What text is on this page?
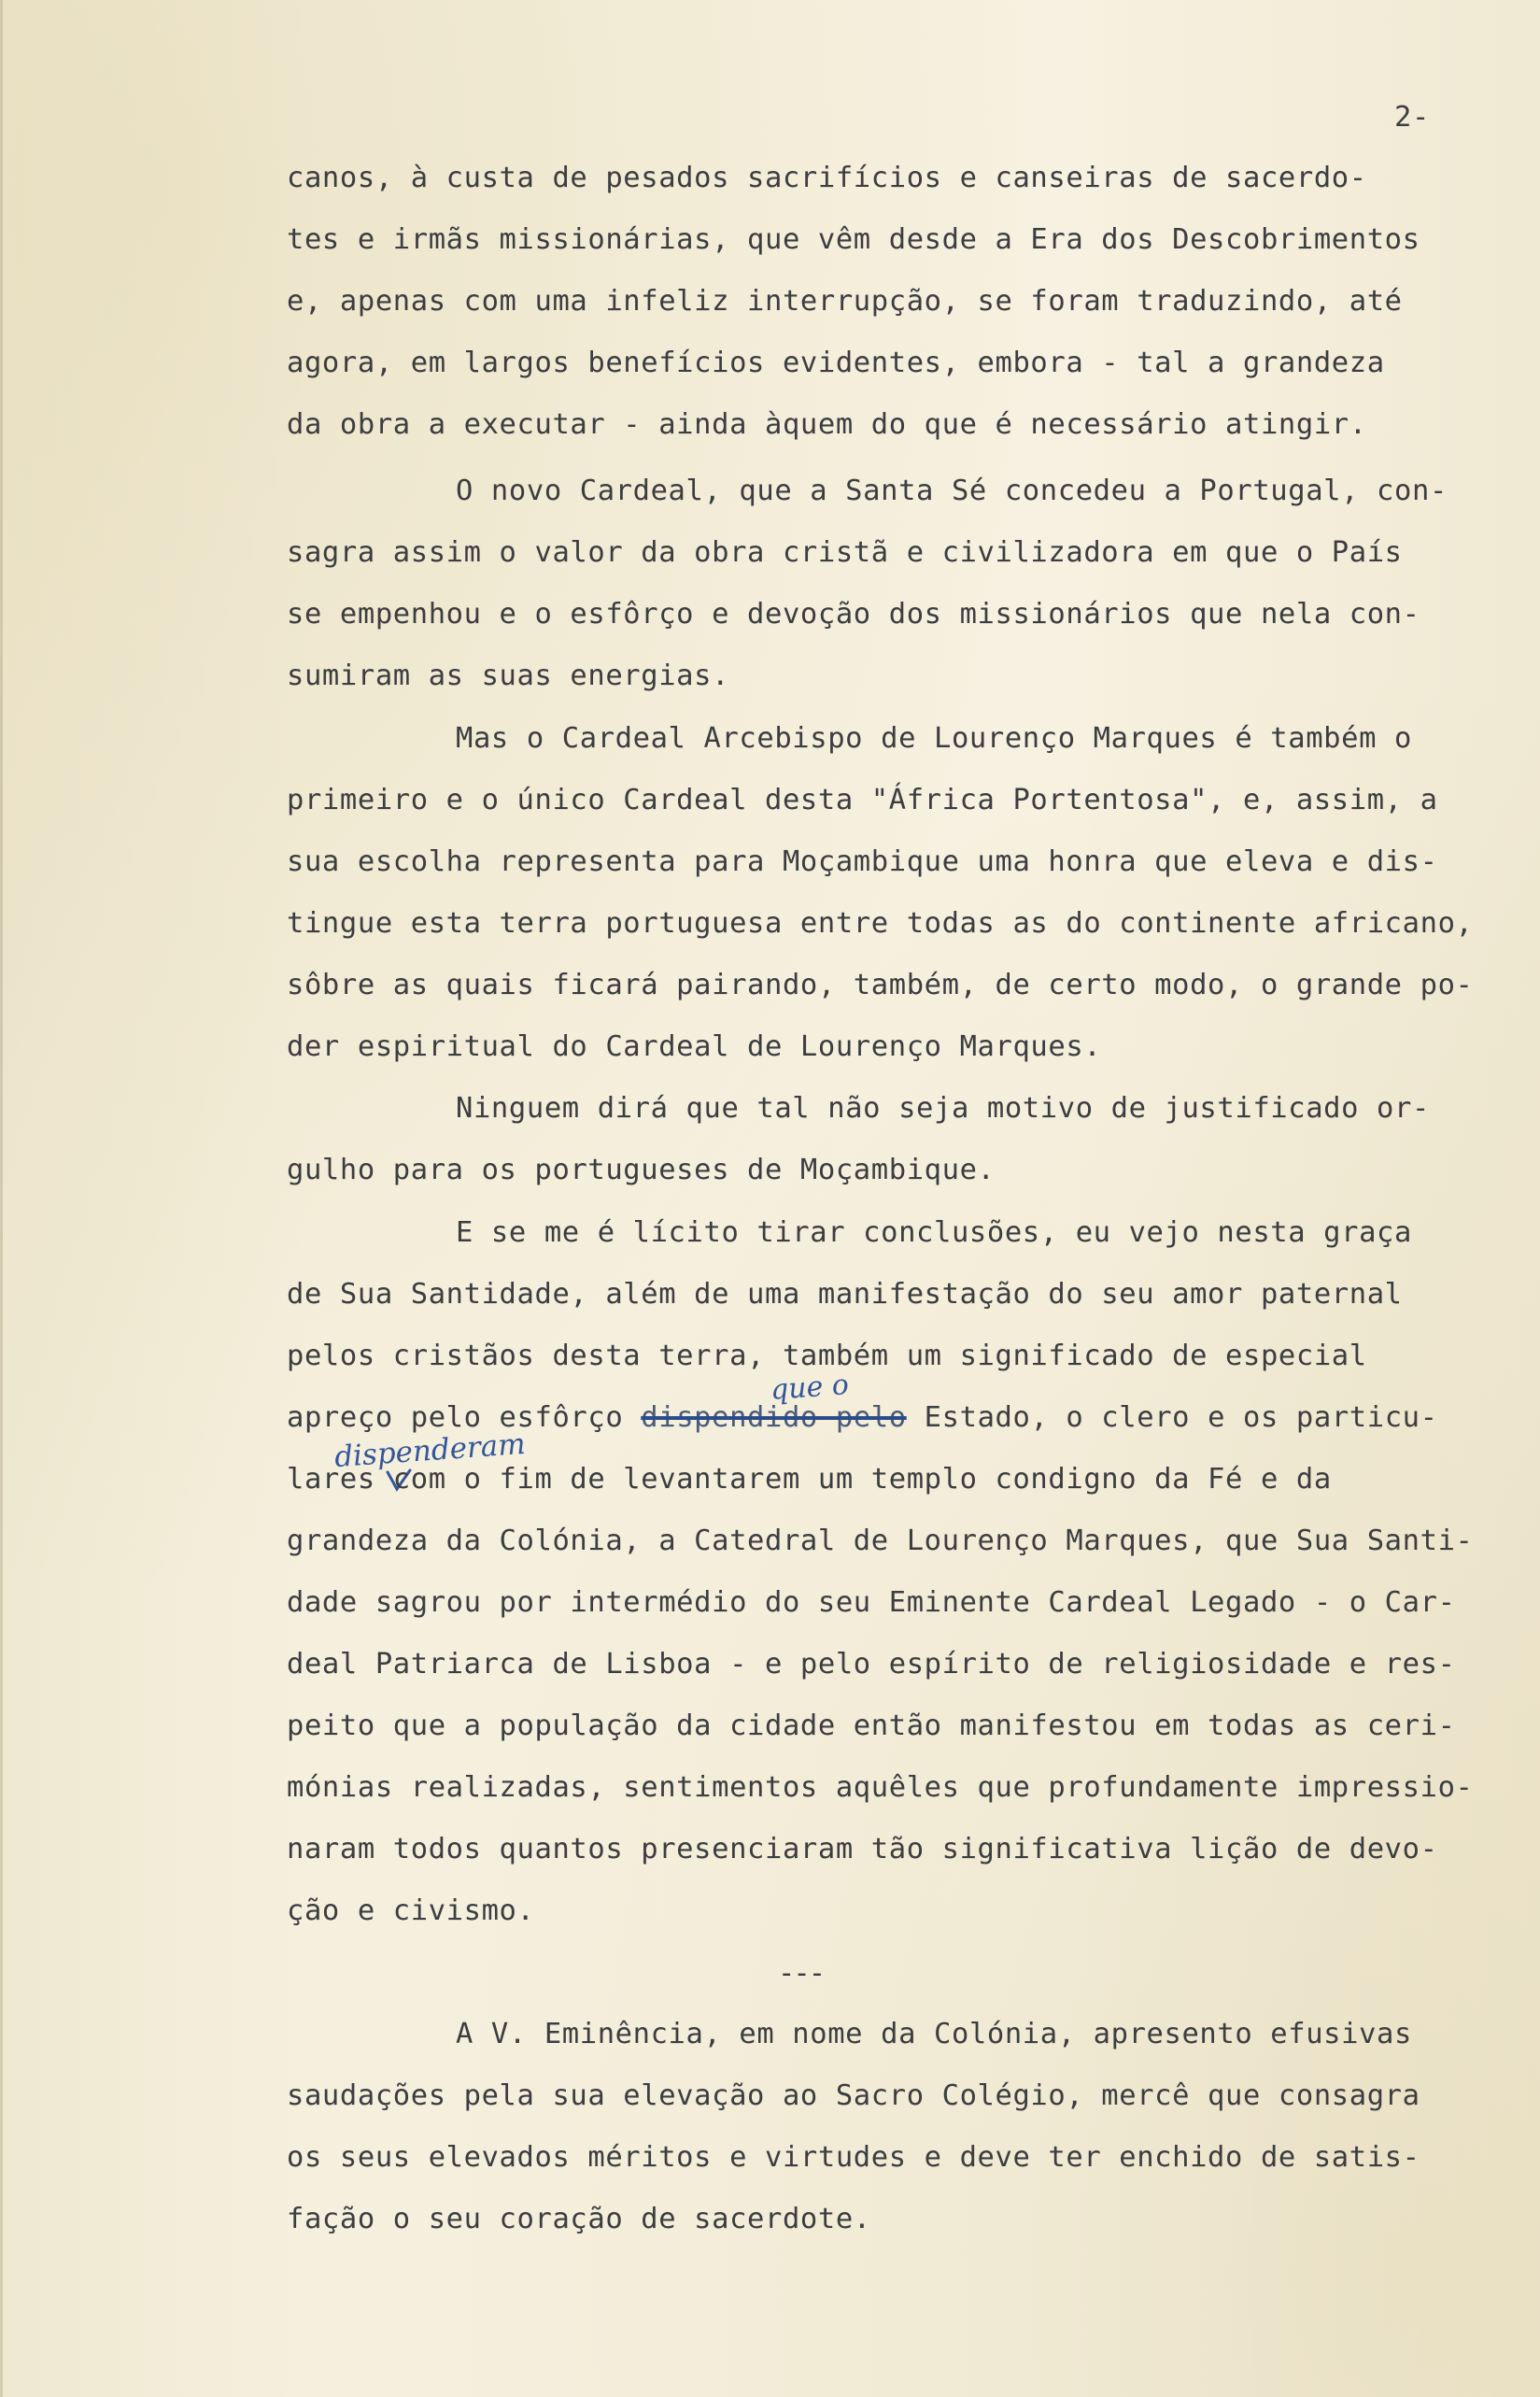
2-

canos, à custa de pesados sacrifícios e canseiras de sacerdo-

tes e irmãs missionárias, que vêm desde a Era dos Descobrimentos

e, apenas com uma infeliz interrupção, se foram traduzindo, até

agora, em largos benefícios evidentes, embora - tal a grandeza

da obra a executar - ainda àquem do que é necessário atingir.

O novo Cardeal, que a Santa Sé concedeu a Portugal, con-

sagra assim o valor da obra cristã e civilizadora em que o País

se empenhou e o esfôrço e devoção dos missionários que nela con-

sumiram as suas energias.

Mas o Cardeal Arcebispo de Lourenço Marques é também o

primeiro e o único Cardeal desta "África Portentosa", e, assim, a

sua escolha representa para Moçambique uma honra que eleva e dis-

tingue esta terra portuguesa entre todas as do continente africano,

sôbre as quais ficará pairando, também, de certo modo, o grande po-

der espiritual do Cardeal de Lourenço Marques.

Ninguem dirá que tal não seja motivo de justificado or-

gulho para os portugueses de Moçambique.

E se me é lícito tirar conclusões, eu vejo nesta graça

de Sua Santidade, além de uma manifestação do seu amor paternal

pelos cristãos desta terra, também um significado de especial

apreço pelo esfôrço dispendido pelo Estado, o clero e os particu-

que o

dispenderam

lares com o fim de levantarem um templo condigno da Fé e da

grandeza da Colónia, a Catedral de Lourenço Marques, que Sua Santi-

dade sagrou por intermédio do seu Eminente Cardeal Legado - o Car-

deal Patriarca de Lisboa - e pelo espírito de religiosidade e res-

peito que a população da cidade então manifestou em todas as ceri-

mónias realizadas, sentimentos aquêles que profundamente impressio-

naram todos quantos presenciaram tão significativa lição de devo-

ção e civismo.

---

A V. Eminência, em nome da Colónia, apresento efusivas

saudações pela sua elevação ao Sacro Colégio, mercê que consagra

os seus elevados méritos e virtudes e deve ter enchido de satis-

fação o seu coração de sacerdote.
